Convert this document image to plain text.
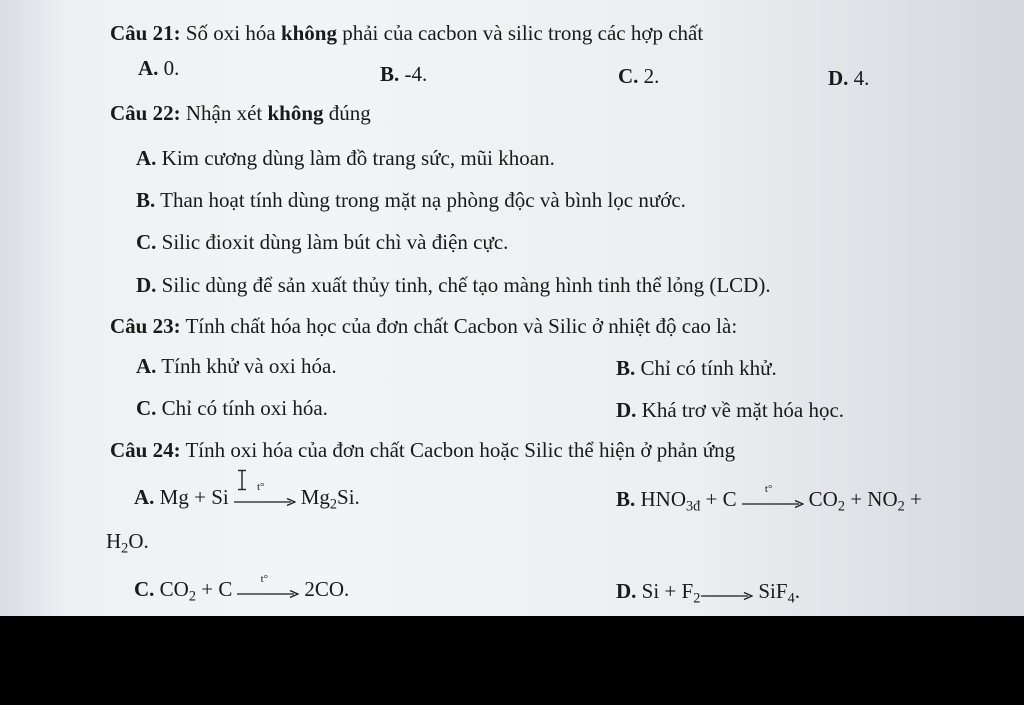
Câu 21: Số oxi hóa không phải của cacbon và silic trong các hợp chất
A. 0.	B. -4.	C. 2.	D. 4.
Câu 22: Nhận xét không đúng
A. Kim cương dùng làm đồ trang sức, mũi khoan.
B. Than hoạt tính dùng trong mặt nạ phòng độc và bình lọc nước.
C. Silic đioxit dùng làm bút chì và điện cực.
D. Silic dùng để sản xuất thủy tinh, chế tạo màng hình tinh thể lỏng (LCD).
Câu 23: Tính chất hóa học của đơn chất Cacbon và Silic ở nhiệt độ cao là:
A. Tính khử và oxi hóa.	B. Chỉ có tính khử.
C. Chỉ có tính oxi hóa.	D. Khá trơ về mặt hóa học.
Câu 24: Tính oxi hóa của đơn chất Cacbon hoặc Silic thể hiện ở phản ứng
A. Mg + Si	t°	$Mg_2Si$.	B. $HNO_{3đ} + C$	t°	$CO_2 + NO_2$ +
$H_2O$.
C. $CO_2 + C$	t°	2CO.	D. $Si + F_2\to SiF_4$.
